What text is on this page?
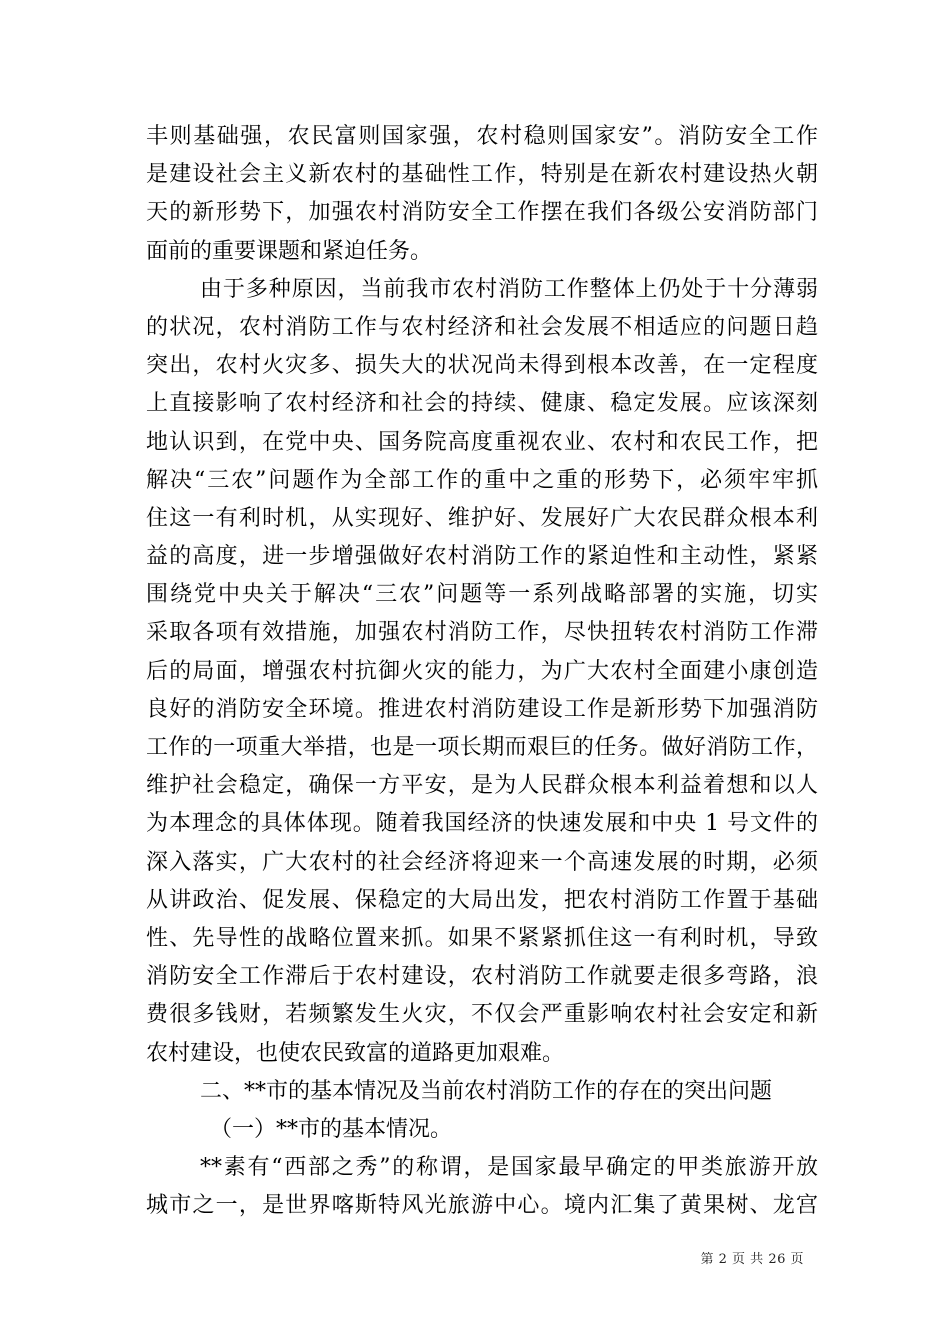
丰则基础强，农民富则国家强，农村稳则国家安”。消防安全工作
是建设社会主义新农村的基础性工作，特别是在新农村建设热火朝
天的新形势下，加强农村消防安全工作摆在我们各级公安消防部门
面前的重要课题和紧迫任务。
由于多种原因，当前我市农村消防工作整体上仍处于十分薄弱
的状况，农村消防工作与农村经济和社会发展不相适应的问题日趋
突出，农村火灾多、损失大的状况尚未得到根本改善，在一定程度
上直接影响了农村经济和社会的持续、健康、稳定发展。应该深刻
地认识到，在党中央、国务院高度重视农业、农村和农民工作，把
解决“三农”问题作为全部工作的重中之重的形势下，必须牢牢抓
住这一有利时机，从实现好、维护好、发展好广大农民群众根本利
益的高度，进一步增强做好农村消防工作的紧迫性和主动性，紧紧
围绕党中央关于解决“三农”问题等一系列战略部署的实施，切实
采取各项有效措施，加强农村消防工作，尽快扭转农村消防工作滞
后的局面，增强农村抗御火灾的能力，为广大农村全面建小康创造
良好的消防安全环境。推进农村消防建设工作是新形势下加强消防
工作的一项重大举措，也是一项长期而艰巨的任务。做好消防工作，
维护社会稳定，确保一方平安，是为人民群众根本利益着想和以人
为本理念的具体体现。随着我国经济的快速发展和中央 1 号文件的
深入落实，广大农村的社会经济将迎来一个高速发展的时期，必须
从讲政治、促发展、保稳定的大局出发，把农村消防工作置于基础
性、先导性的战略位置来抓。如果不紧紧抓住这一有利时机，导致
消防安全工作滞后于农村建设，农村消防工作就要走很多弯路，浪
费很多钱财，若频繁发生火灾，不仅会严重影响农村社会安定和新
农村建设，也使农民致富的道路更加艰难。
二、**市的基本情况及当前农村消防工作的存在的突出问题
（一）**市的基本情况。
**素有“西部之秀”的称谓，是国家最早确定的甲类旅游开放
城市之一，是世界喀斯特风光旅游中心。境内汇集了黄果树、龙宫
第 2 页 共 26 页
